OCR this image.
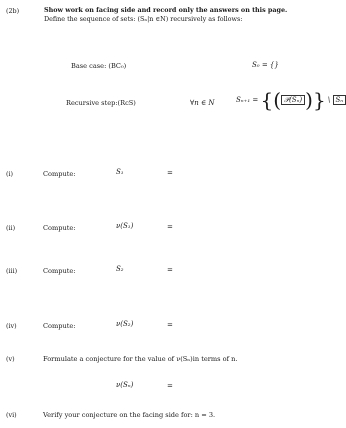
(2b)	Show work on facing side and record only the answers on this page. Define the sequence of sets: (Sₙ|n ∈N) recursively as follows:
Base case: (BC₀)	S₀ = {}
Recursive step:(RcS)	∀n ∈ N	Sₙ₊₁ = {( 𝒫(Sₙ) )} \ Sₙ
(i)	Compute:	S₁	=
(ii)	Compute:	ν(S₁)	=
(iii)	Compute:	S₂	=
(iv)	Compute:	ν(S₂)	=
(v)	Formulate a conjecture for the value of ν(Sₙ)in terms of n.
ν(Sₙ)	=
(vi)	Verify your conjecture on the facing side for: n = 3.
